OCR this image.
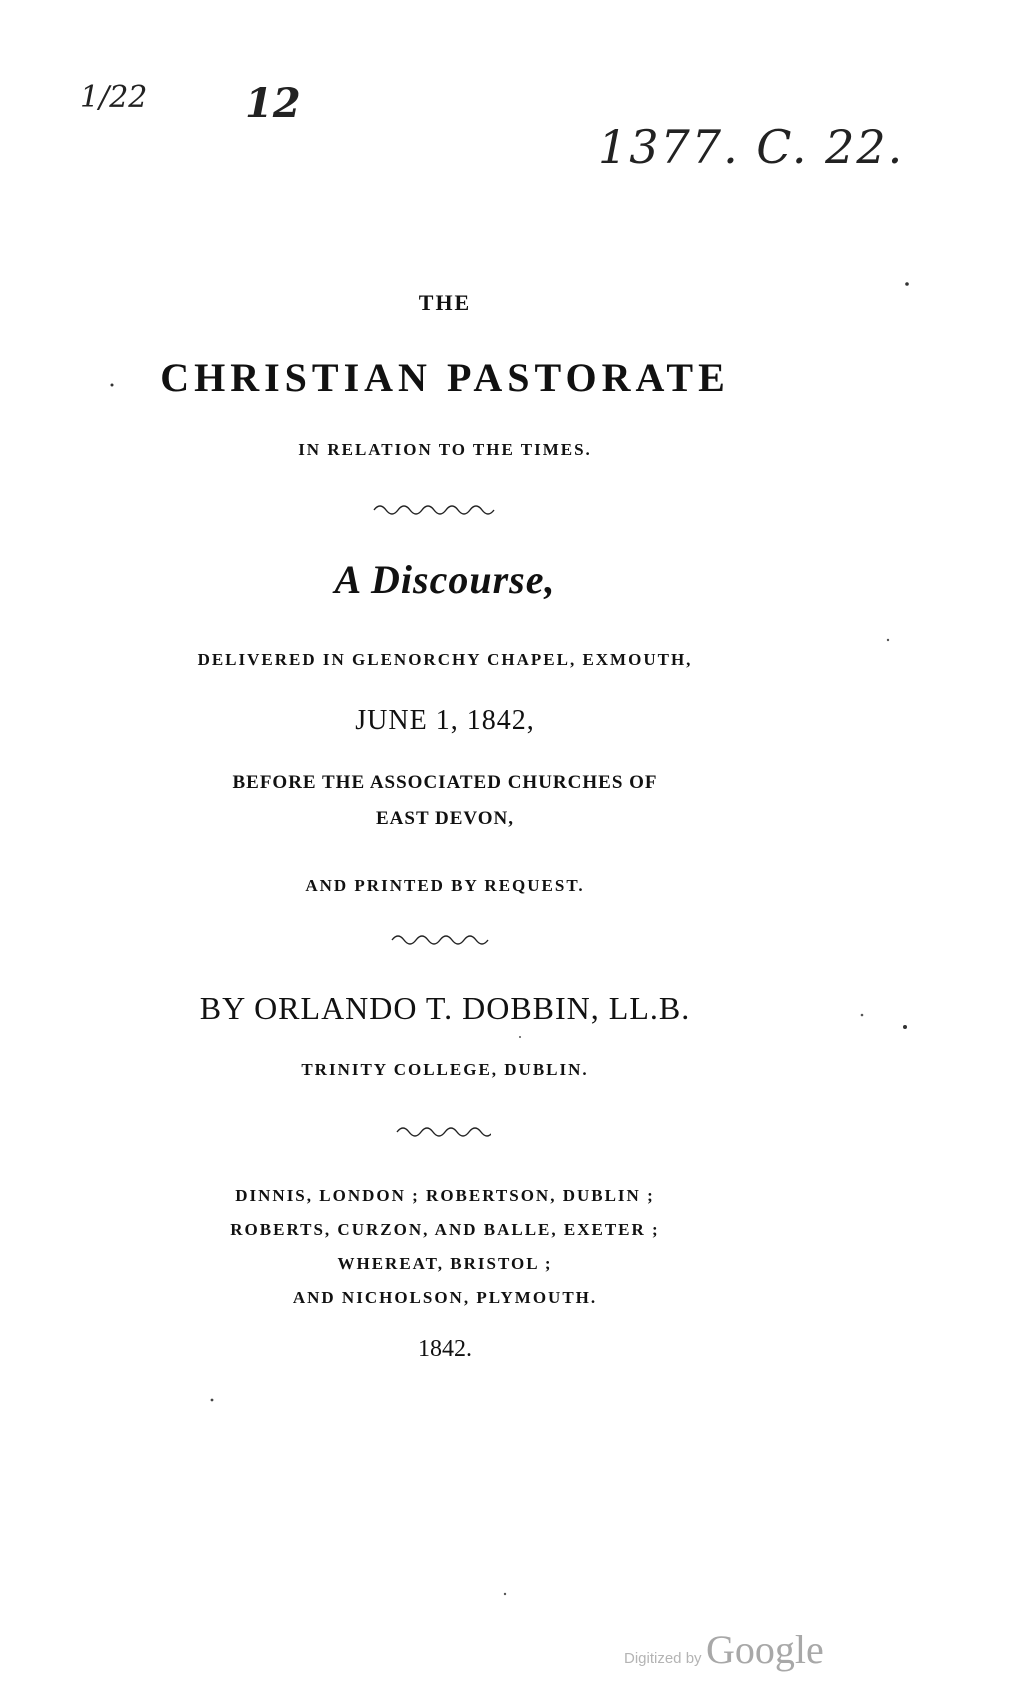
1/22 12
1377. C. 22.
THE
CHRISTIAN PASTORATE
IN RELATION TO THE TIMES.
A Discourse,
DELIVERED IN GLENORCHY CHAPEL, EXMOUTH,
JUNE 1, 1842,
BEFORE THE ASSOCIATED CHURCHES OF
EAST DEVON,
AND PRINTED BY REQUEST.
BY ORLANDO T. DOBBIN, LL.B.
TRINITY COLLEGE, DUBLIN.
DINNIS, LONDON ; ROBERTSON, DUBLIN ;
ROBERTS, CURZON, AND BALLE, EXETER ;
WHEREAT, BRISTOL ;
AND NICHOLSON, PLYMOUTH.
1842.
Digitized by Google
